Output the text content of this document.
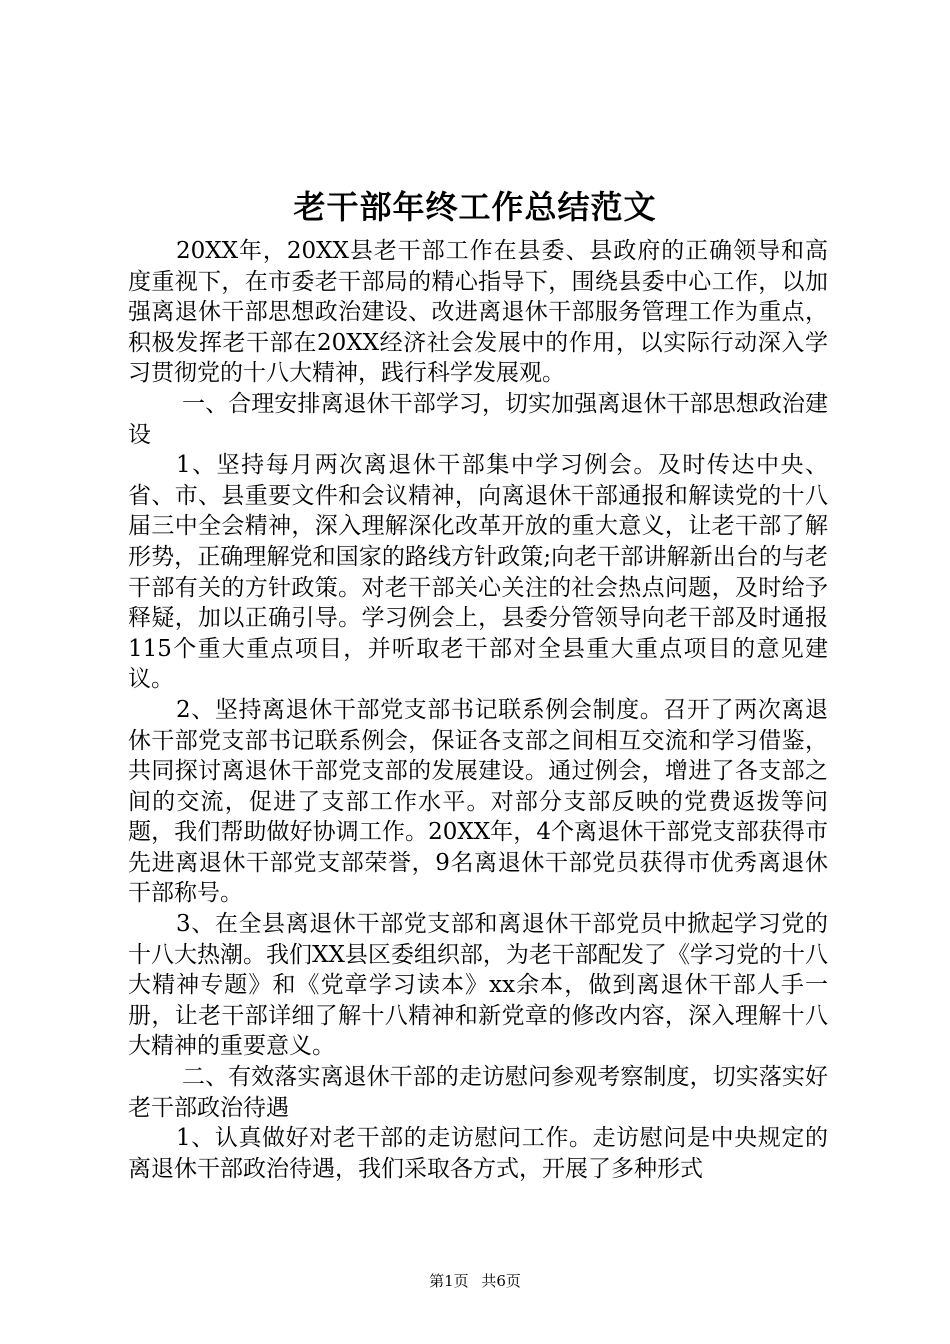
老干部年终工作总结范文

20XX年，20XX县老干部工作在县委、县政府的正确领导和高度重视下，在市委老干部局的精心指导下，围绕县委中心工作，以加强离退休干部思想政治建设、改进离退休干部服务管理工作为重点，积极发挥老干部在20XX经济社会发展中的作用，以实际行动深入学习贯彻党的十八大精神，践行科学发展观。

一、合理安排离退休干部学习，切实加强离退休干部思想政治建设

1、坚持每月两次离退休干部集中学习例会。及时传达中央、省、市、县重要文件和会议精神，向离退休干部通报和解读党的十八届三中全会精神，深入理解深化改革开放的重大意义，让老干部了解形势，正确理解党和国家的路线方针政策;向老干部讲解新出台的与老干部有关的方针政策。对老干部关心关注的社会热点问题，及时给予释疑，加以正确引导。学习例会上，县委分管领导向老干部及时通报115个重大重点项目，并听取老干部对全县重大重点项目的意见建议。

2、坚持离退休干部党支部书记联系例会制度。召开了两次离退休干部党支部书记联系例会，保证各支部之间相互交流和学习借鉴，共同探讨离退休干部党支部的发展建设。通过例会，增进了各支部之间的交流，促进了支部工作水平。对部分支部反映的党费返拨等问题，我们帮助做好协调工作。20XX年，4个离退休干部党支部获得市先进离退休干部党支部荣誉，9名离退休干部党员获得市优秀离退休干部称号。

3、在全县离退休干部党支部和离退休干部党员中掀起学习党的十八大热潮。我们XX县区委组织部，为老干部配发了《学习党的十八大精神专题》和《党章学习读本》xx余本，做到离退休干部人手一册，让老干部详细了解十八精神和新党章的修改内容，深入理解十八大精神的重要意义。

二、有效落实离退休干部的走访慰问参观考察制度，切实落实好老干部政治待遇

1、认真做好对老干部的走访慰问工作。走访慰问是中央规定的离退休干部政治待遇，我们采取各方式，开展了多种形式

第1页 共6页
